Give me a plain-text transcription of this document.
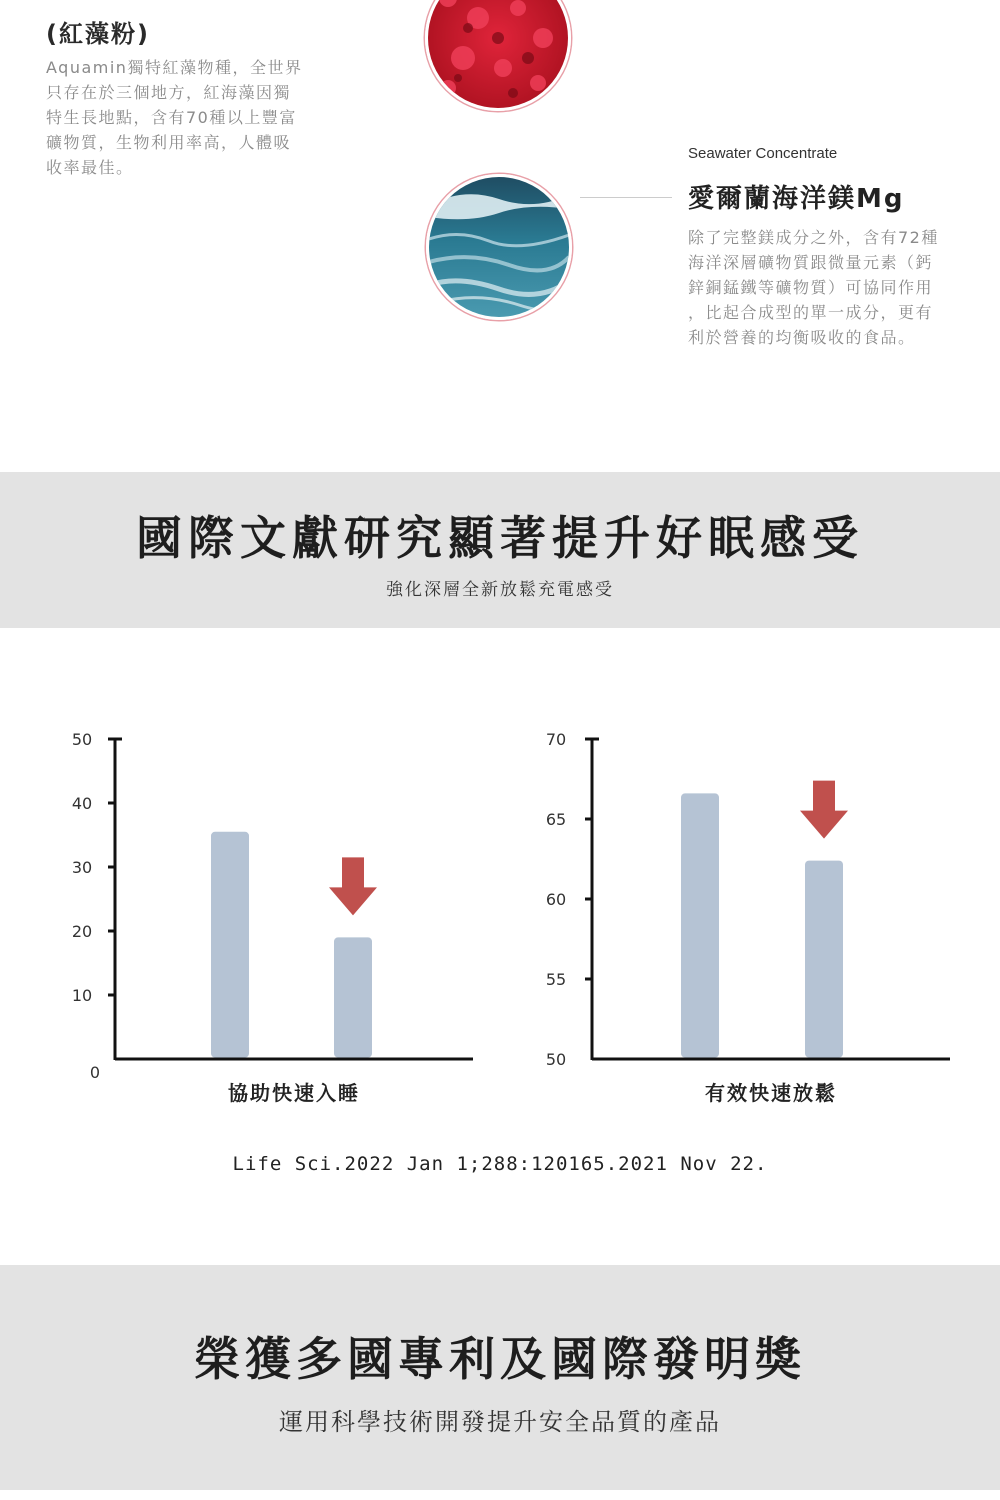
(紅藻粉)
Aquamin獨特紅藻物種，全世界
只存在於三個地方，紅海藻因獨
特生長地點，含有70種以上豐富
礦物質，生物利用率高，人體吸
收率最佳。
Seawater Concentrate
愛爾蘭海洋鎂Mg
除了完整鎂成分之外，含有72種
海洋深層礦物質跟微量元素（鈣
鋅銅錳鐵等礦物質）可協同作用
，比起合成型的單一成分，更有
利於營養的均衡吸收的食品。
國際文獻研究顯著提升好眠感受

強化深層全新放鬆充電感受

0
10
20
30
40
50
協助快速入睡
50
55
60
65
70
有效快速放鬆
Life Sci.2022 Jan 1;288:120165.2021 Nov 22.
榮獲多國專利及國際發明獎

運用科學技術開發提升安全品質的產品
